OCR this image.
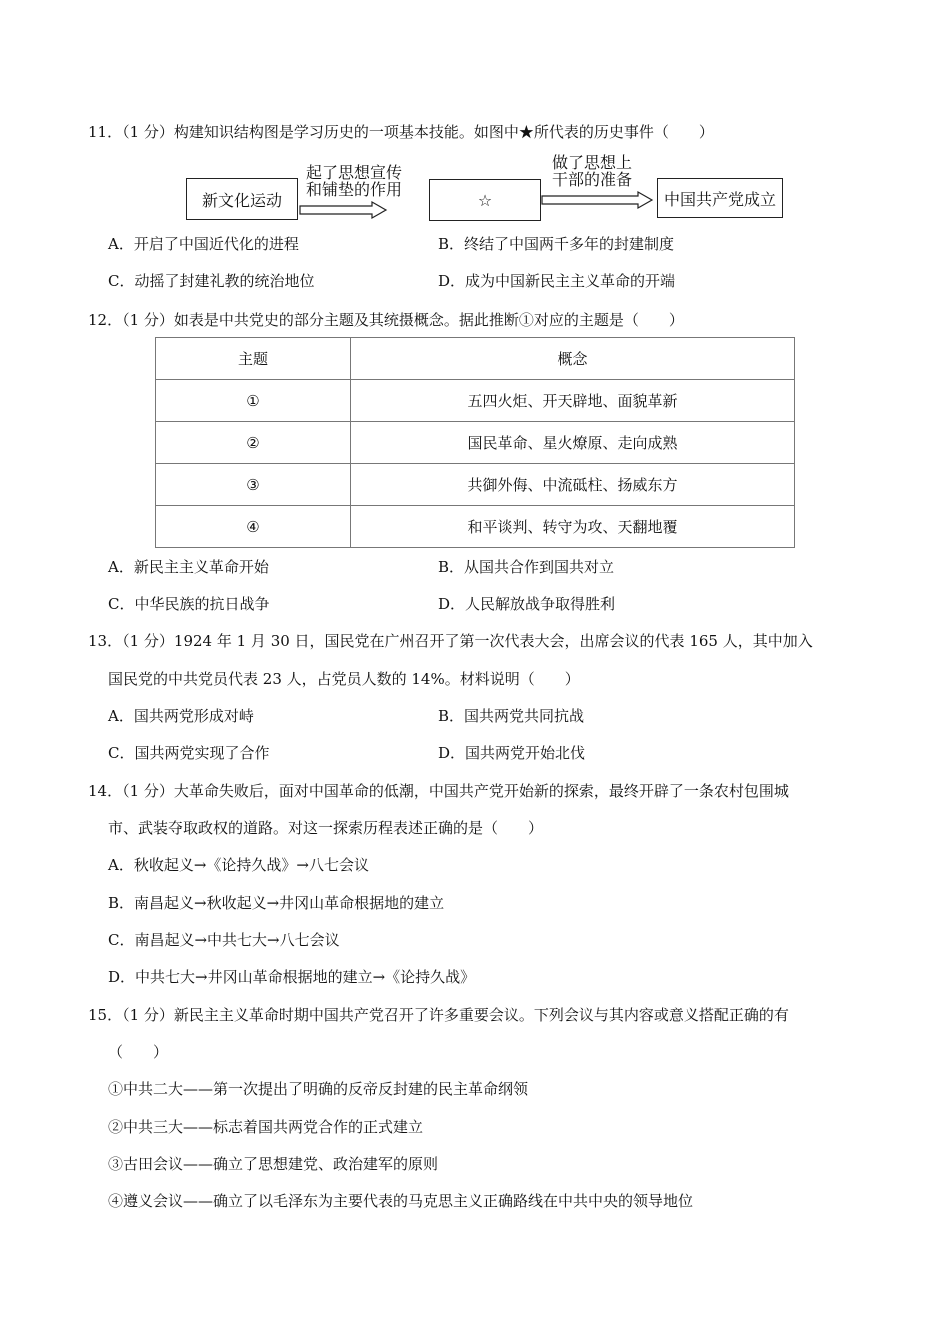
11．（1 分）构建知识结构图是学习历史的一项基本技能。如图中★所代表的历史事件（　　）
新文化运动
起了思想宣传
和铺垫的作用
☆
做了思想上
干部的准备
中国共产党成立
A．开启了中国近代化的进程	B．终结了中国两千多年的封建制度
C．动摇了封建礼教的统治地位	D．成为中国新民主主义革命的开端
12．（1 分）如表是中共党史的部分主题及其统摄概念。据此推断①对应的主题是（　　）
主题	概念
①	五四火炬、开天辟地、面貌革新
②	国民革命、星火燎原、走向成熟
③	共御外侮、中流砥柱、扬威东方
④	和平谈判、转守为攻、天翻地覆
A．新民主主义革命开始	B．从国共合作到国共对立
C．中华民族的抗日战争	D．人民解放战争取得胜利
13．（1 分）1924 年 1 月 30 日，国民党在广州召开了第一次代表大会，出席会议的代表 165 人，其中加入
国民党的中共党员代表 23 人，占党员人数的 14%。材料说明（　　）
A．国共两党形成对峙	B．国共两党共同抗战
C．国共两党实现了合作	D．国共两党开始北伐
14．（1 分）大革命失败后，面对中国革命的低潮，中国共产党开始新的探索，最终开辟了一条农村包围城
市、武装夺取政权的道路。对这一探索历程表述正确的是（　　）
A．秋收起义→《论持久战》→八七会议
B．南昌起义→秋收起义→井冈山革命根据地的建立
C．南昌起义→中共七大→八七会议
D．中共七大→井冈山革命根据地的建立→《论持久战》
15．（1 分）新民主主义革命时期中国共产党召开了许多重要会议。下列会议与其内容或意义搭配正确的有
（　　）
①中共二大——第一次提出了明确的反帝反封建的民主革命纲领
②中共三大——标志着国共两党合作的正式建立
③古田会议——确立了思想建党、政治建军的原则
④遵义会议——确立了以毛泽东为主要代表的马克思主义正确路线在中共中央的领导地位
